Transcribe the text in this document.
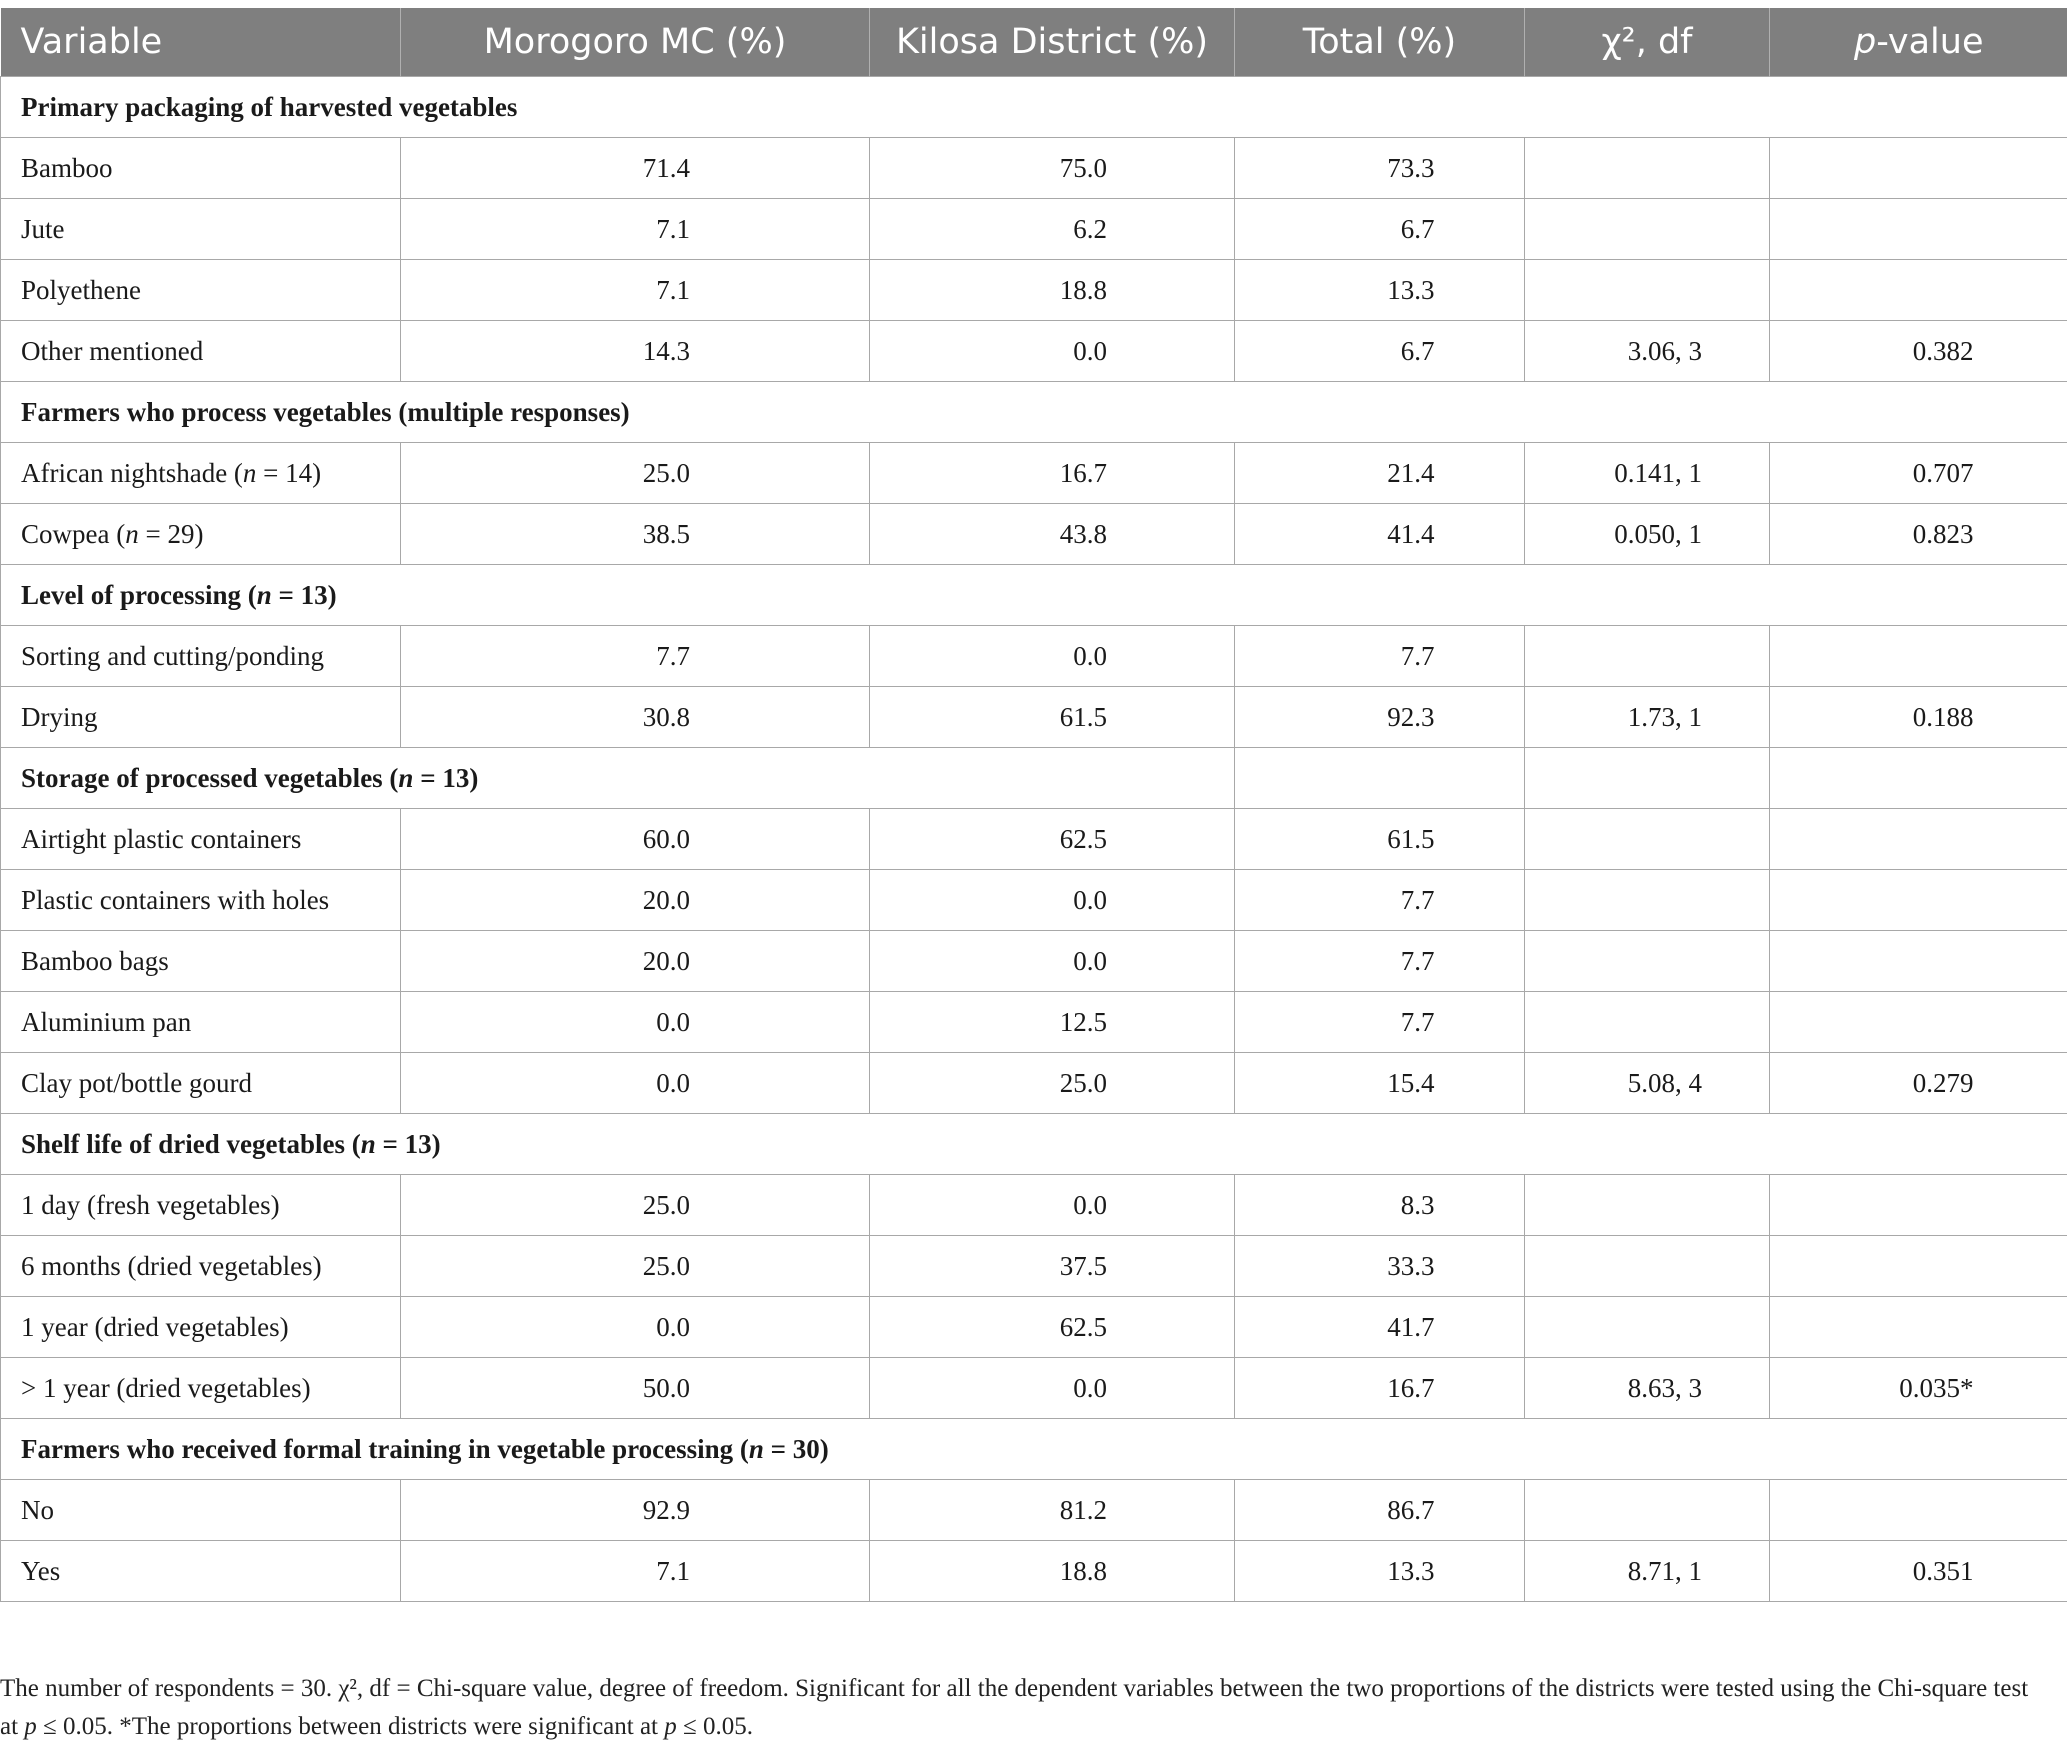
Variable	Morogoro MC (%)	Kilosa District (%)	Total (%)	χ², df	p-value
Primary packaging of harvested vegetables					
Bamboo	71.4	75.0	73.3		
Jute	7.1	6.2	6.7		
Polyethene	7.1	18.8	13.3		
Other mentioned	14.3	0.0	6.7	3.06, 3	0.382
Farmers who process vegetables (multiple responses)					
African nightshade (n = 14)	25.0	16.7	21.4	0.141, 1	0.707
Cowpea (n = 29)	38.5	43.8	41.4	0.050, 1	0.823
Level of processing (n = 13)					
Sorting and cutting/ponding	7.7	0.0	7.7		
Drying	30.8	61.5	92.3	1.73, 1	0.188
Storage of processed vegetables (n = 13)					
Airtight plastic containers	60.0	62.5	61.5		
Plastic containers with holes	20.0	0.0	7.7		
Bamboo bags	20.0	0.0	7.7		
Aluminium pan	0.0	12.5	7.7		
Clay pot/bottle gourd	0.0	25.0	15.4	5.08, 4	0.279
Shelf life of dried vegetables (n = 13)					
1 day (fresh vegetables)	25.0	0.0	8.3		
6 months (dried vegetables)	25.0	37.5	33.3		
1 year (dried vegetables)	0.0	62.5	41.7		
> 1 year (dried vegetables)	50.0	0.0	16.7	8.63, 3	0.035*
Farmers who received formal training in vegetable processing (n = 30)					
No	92.9	81.2	86.7		
Yes	7.1	18.8	13.3	8.71, 1	0.351
The number of respondents = 30. χ², df = Chi-square value, degree of freedom. Significant for all the dependent variables between the two proportions of the districts were tested using the Chi-square test at p ≤ 0.05. *The proportions between districts were significant at p ≤ 0.05.
